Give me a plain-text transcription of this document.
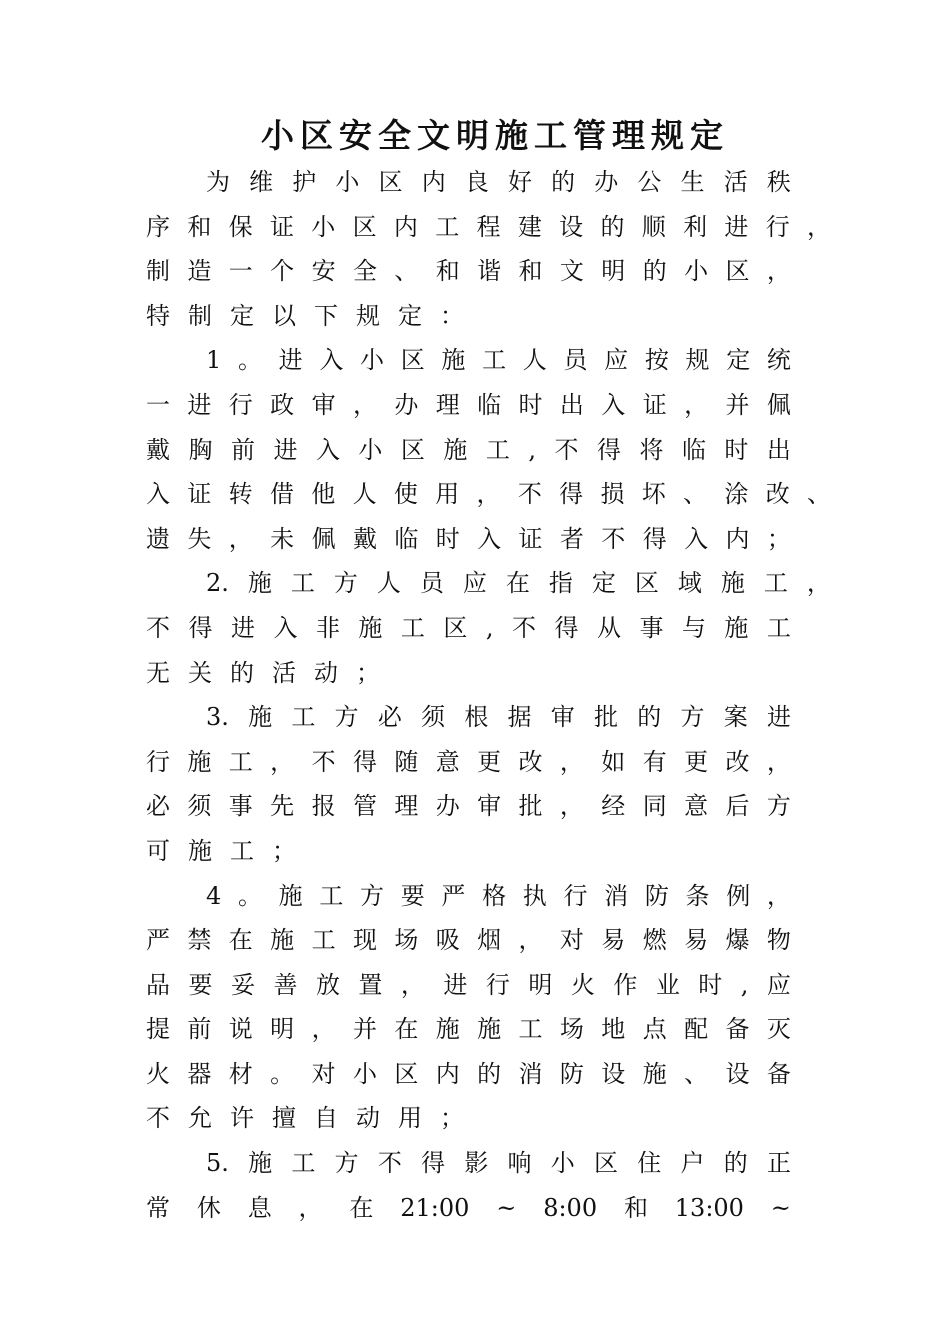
小区安全文明施工管理规定
为 维 护 小 区 内 良 好 的 办 公 生 活 秩
序 和 保 证 小 区 内 工 程 建 设 的 顺 利 进 行 ，
制 造 一 个 安 全 、 和 谐 和 文 明 的 小 区 ，
特 制 定 以 下 规 定 ：
1 。 进 入 小 区 施 工 人 员 应 按 规 定 统
一 进 行 政 审 ， 办 理 临 时 出 入 证 ， 并 佩
戴 胸 前 进 入 小 区 施 工 , 不 得 将 临 时 出
入 证 转 借 他 人 使 用 ， 不 得 损 坏 、 涂 改 、
遗 失 ， 未 佩 戴 临 时 入 证 者 不 得 入 内 ；
2. 施 工 方 人 员 应 在 指 定 区 域 施 工 ，
不 得 进 入 非 施 工 区 , 不 得 从 事 与 施 工
无 关 的 活 动 ；
3. 施 工 方 必 须 根 据 审 批 的 方 案 进
行 施 工 ， 不 得 随 意 更 改 ， 如 有 更 改 ，
必 须 事 先 报 管 理 办 审 批 ， 经 同 意 后 方
可 施 工 ；
4 。 施 工 方 要 严 格 执 行 消 防 条 例 ，
严 禁 在 施 工 现 场 吸 烟 ， 对 易 燃 易 爆 物
品 要 妥 善 放 置 ， 进 行 明 火 作 业 时 , 应
提 前 说 明 ， 并 在 施 施 工 场 地 点 配 备 灭
火 器 材 。 对 小 区 内 的 消 防 设 施 、 设 备
不 允 许 擅 自 动 用 ；
5. 施 工 方 不 得 影 响 小 区 住 户 的 正
常 休 息 ， 在 21:00 ~ 8:00 和 13:00 ~
